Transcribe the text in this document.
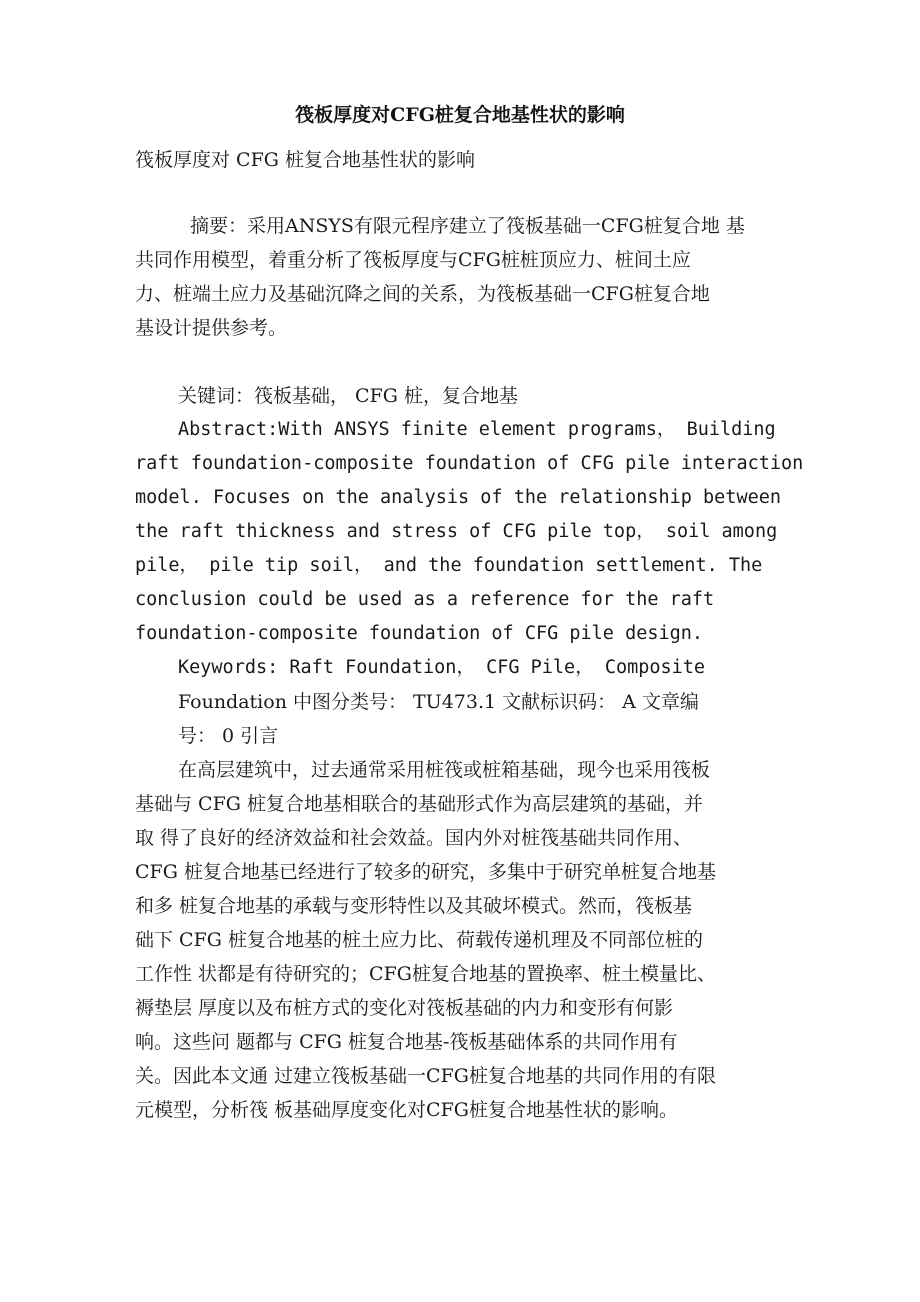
筏板厚度对CFG桩复合地基性状的影响
筏板厚度对 CFG 桩复合地基性状的影响
摘要：采用ANSYS有限元程序建立了筏板基础一CFG桩复合地 基
共同作用模型，着重分析了筏板厚度与CFG桩桩顶应力、桩间土应
力、桩端土应力及基础沉降之间的关系，为筏板基础一CFG桩复合地
基设计提供参考。
关键词：筏板基础， CFG 桩，复合地基
Abstract:With ANSYS finite element programs， Building
raft foundation-composite foundation of CFG pile interaction
model. Focuses on the analysis of the relationship between
the raft thickness and stress of CFG pile top， soil among
pile， pile tip soil， and the foundation settlement. The
conclusion could be used as a reference for the raft
foundation-composite foundation of CFG pile design.
Keywords: Raft Foundation， CFG Pile， Composite
Foundation 中图分类号： TU473.1 文献标识码： A 文章编
号： 0 引言
在高层建筑中，过去通常采用桩筏或桩箱基础，现今也采用筏板
基础与 CFG 桩复合地基相联合的基础形式作为高层建筑的基础，并
取 得了良好的经济效益和社会效益。国内外对桩筏基础共同作用、
CFG 桩复合地基已经进行了较多的研究，多集中于研究单桩复合地基
和多 桩复合地基的承载与变形特性以及其破坏模式。然而，筏板基
础下 CFG 桩复合地基的桩土应力比、荷载传递机理及不同部位桩的
工作性 状都是有待研究的；CFG桩复合地基的置换率、桩土模量比、
褥垫层 厚度以及布桩方式的变化对筏板基础的内力和变形有何影
响。这些问 题都与 CFG 桩复合地基-筏板基础体系的共同作用有
关。因此本文通 过建立筏板基础一CFG桩复合地基的共同作用的有限
元模型，分析筏 板基础厚度变化对CFG桩复合地基性状的影响。
